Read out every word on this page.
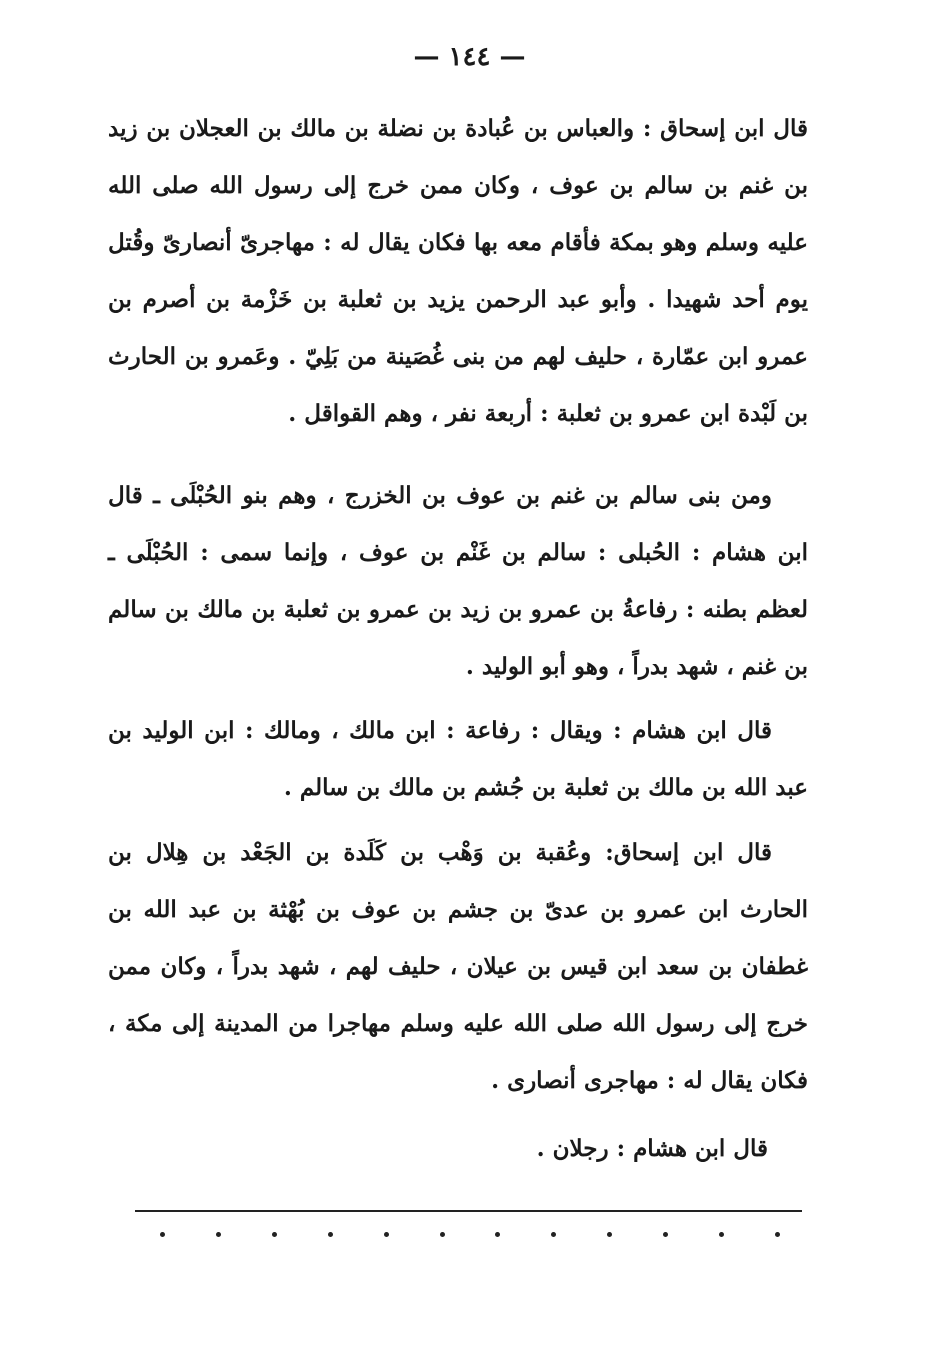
— ١٤٤ —

قال ابن إسحاق : والعباس بن عُبادة بن نضلة بن مالك بن العجلان بن زيد بن غنم بن سالم بن عوف ، وكان ممن خرج إلى رسول الله صلى الله عليه وسلم وهو بمكة فأقام معه بها فكان يقال له : مهاجرىّ أنصارىّ وقُتل يوم أحد شهيدا . وأبو عبد الرحمن يزيد بن ثعلبة بن خَزْمة بن أصرم بن عمرو ابن عمّارة ، حليف لهم من بنى غُصَينة من بَلِيّ . وعَمرو بن الحارث بن لَبْدة ابن عمرو بن ثعلبة : أربعة نفر ، وهم القواقل .

ومن بنى سالم بن غنم بن عوف بن الخزرج ، وهم بنو الحُبْلَى ـ قال ابن هشام : الحُبلى : سالم بن غَنْم بن عوف ، وإنما سمى : الحُبْلَى ـ لعظم بطنه : رفاعةُ بن عمرو بن زيد بن عمرو بن ثعلبة بن مالك بن سالم بن غنم ، شهد بدراً ، وهو أبو الوليد .

قال ابن هشام : ويقال : رفاعة : ابن مالك ، ومالك : ابن الوليد بن عبد الله بن مالك بن ثعلبة بن جُشم بن مالك بن سالم .

قال ابن إسحاق: وعُقبة بن وَهْب بن كَلَدة بن الجَعْد بن هِلال بن الحارث ابن عمرو بن عدىّ بن جشم بن عوف بن بُهْثة بن عبد الله بن غطفان بن سعد ابن قيس بن عيلان ، حليف لهم ، شهد بدراً ، وكان ممن خرج إلى رسول الله صلى الله عليه وسلم مهاجرا من المدينة إلى مكة ، فكان يقال له : مهاجرى أنصارى .

قال ابن هشام : رجلان .
